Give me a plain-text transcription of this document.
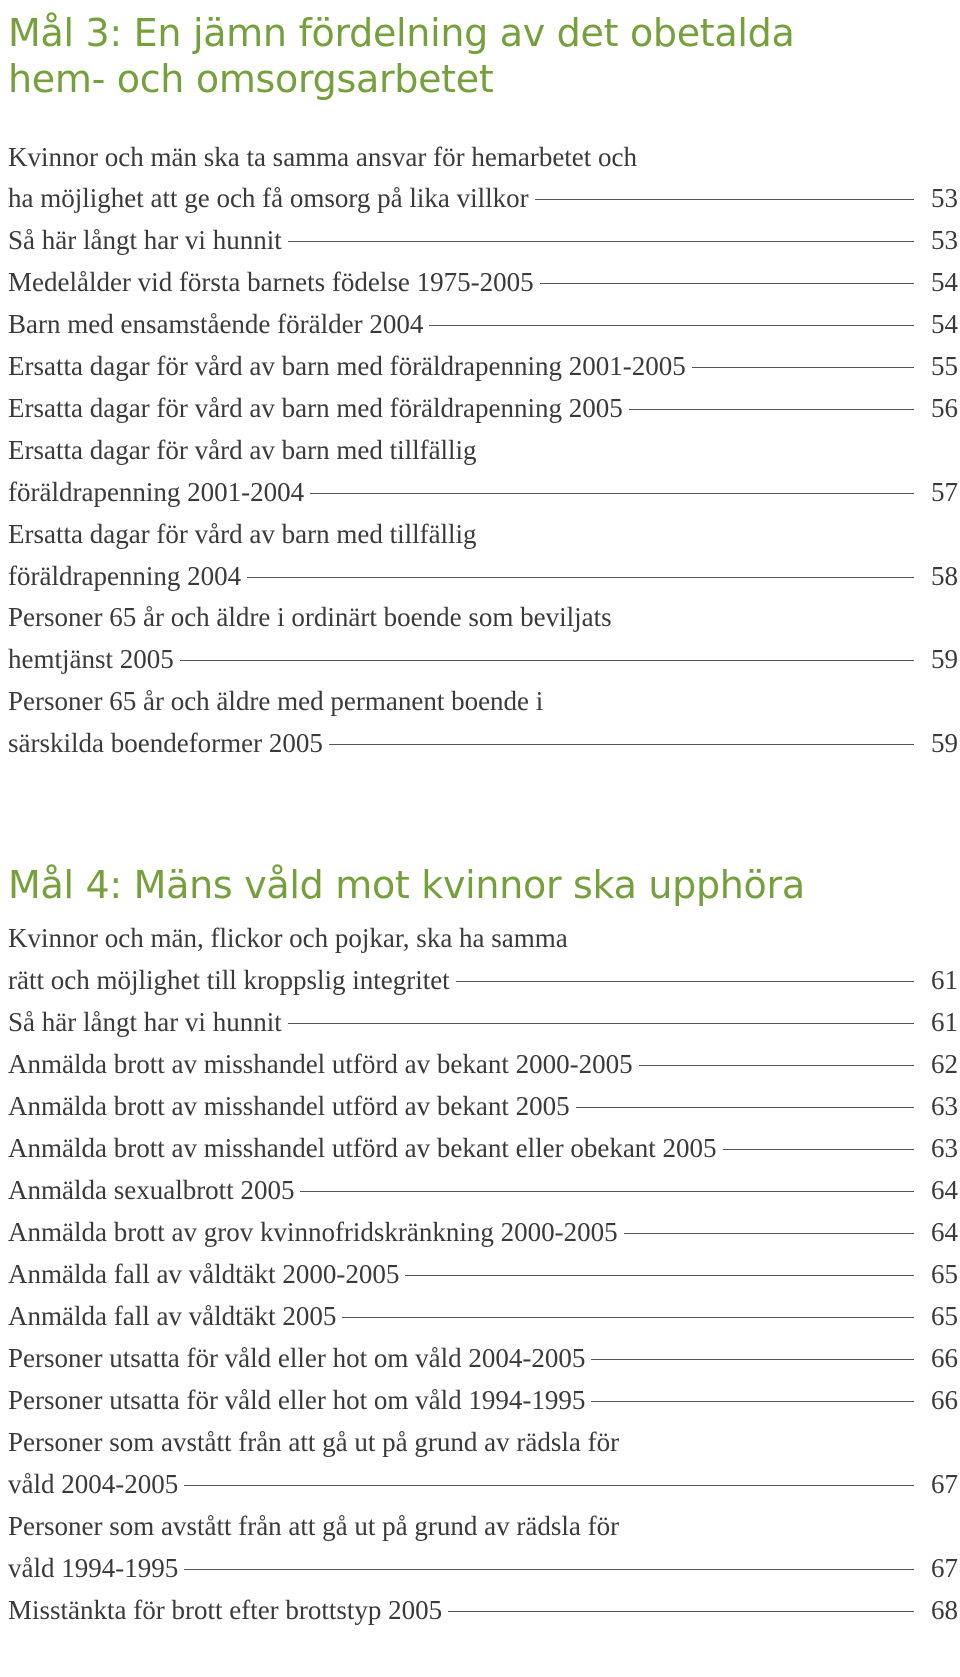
Mål 3: En jämn fördelning av det obetalda
hem- och omsorgsarbetet
Kvinnor och män ska ta samma ansvar för hemarbetet och
ha möjlighet att ge och få omsorg på lika villkor	53
Så här långt har vi hunnit	53
Medelålder vid första barnets födelse 1975-2005	54
Barn med ensamstående förälder 2004	54
Ersatta dagar för vård av barn med föräldrapenning 2001-2005	55
Ersatta dagar för vård av barn med föräldrapenning 2005	56
Ersatta dagar för vård av barn med tillfällig
föräldrapenning 2001-2004	57
Ersatta dagar för vård av barn med tillfällig
föräldrapenning 2004	58
Personer 65 år och äldre i ordinärt boende som beviljats
hemtjänst 2005	59
Personer 65 år och äldre med permanent boende i
särskilda boendeformer 2005	59
Mål 4: Mäns våld mot kvinnor ska upphöra
Kvinnor och män, flickor och pojkar, ska ha samma
rätt och möjlighet till kroppslig integritet	61
Så här långt har vi hunnit	61
Anmälda brott av misshandel utförd av bekant 2000-2005	62
Anmälda brott av misshandel utförd av bekant 2005	63
Anmälda brott av misshandel utförd av bekant eller obekant 2005	63
Anmälda sexualbrott 2005	64
Anmälda brott av grov kvinnofridskränkning 2000-2005	64
Anmälda fall av våldtäkt 2000-2005	65
Anmälda fall av våldtäkt 2005	65
Personer utsatta för våld eller hot om våld 2004-2005	66
Personer utsatta för våld eller hot om våld 1994-1995	66
Personer som avstått från att gå ut på grund av rädsla för
våld 2004-2005	67
Personer som avstått från att gå ut på grund av rädsla för
våld 1994-1995	67
Misstänkta för brott efter brottstyp 2005	68
